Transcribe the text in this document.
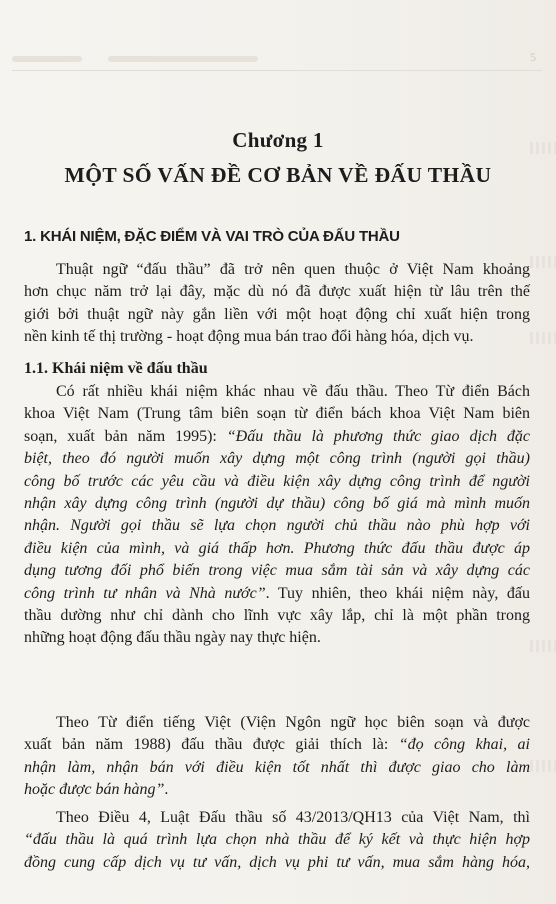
5
Chương 1
MỘT SỐ VẤN ĐỀ CƠ BẢN VỀ ĐẤU THẦU
1. KHÁI NIỆM, ĐẶC ĐIỂM VÀ VAI TRÒ CỦA ĐẤU THẦU

Thuật ngữ “đấu thầu” đã trở nên quen thuộc ở Việt Nam khoảng
hơn chục năm trở lại đây, mặc dù nó đã được xuất hiện từ lâu trên thế
giới bởi thuật ngữ này gắn liền với một hoạt động chỉ xuất hiện trong
nền kinh tế thị trường - hoạt động mua bán trao đổi hàng hóa, dịch vụ.

1.1. Khái niệm về đấu thầu

Có rất nhiều khái niệm khác nhau về đấu thầu. Theo Từ điển Bách
khoa Việt Nam (Trung tâm biên soạn từ điển bách khoa Việt Nam biên
soạn, xuất bản năm 1995): “Đấu thầu là phương thức giao dịch đặc
biệt, theo đó người muốn xây dựng một công trình (người gọi thầu)
công bố trước các yêu cầu và điều kiện xây dựng công trình để người
nhận xây dựng công trình (người dự thầu) công bố giá mà mình muốn
nhận. Người gọi thầu sẽ lựa chọn người chủ thầu nào phù hợp với
điều kiện của mình, và giá thấp hơn. Phương thức đấu thầu được áp
dụng tương đối phổ biến trong việc mua sắm tài sản và xây dựng các
công trình tư nhân và Nhà nước”. Tuy nhiên, theo khái niệm này, đấu
thầu dường như chỉ dành cho lĩnh vực xây lắp, chỉ là một phần trong
những hoạt động đấu thầu ngày nay thực hiện.

Theo Từ điển tiếng Việt (Viện Ngôn ngữ học biên soạn và được
xuất bản năm 1988) đấu thầu được giải thích là: “đọ công khai, ai
nhận làm, nhận bán với điều kiện tốt nhất thì được giao cho làm
hoặc được bán hàng”.

Theo Điều 4, Luật Đấu thầu số 43/2013/QH13 của Việt Nam, thì
“đấu thầu là quá trình lựa chọn nhà thầu để ký kết và thực hiện hợp
đồng cung cấp dịch vụ tư vấn, dịch vụ phi tư vấn, mua sắm hàng hóa,
